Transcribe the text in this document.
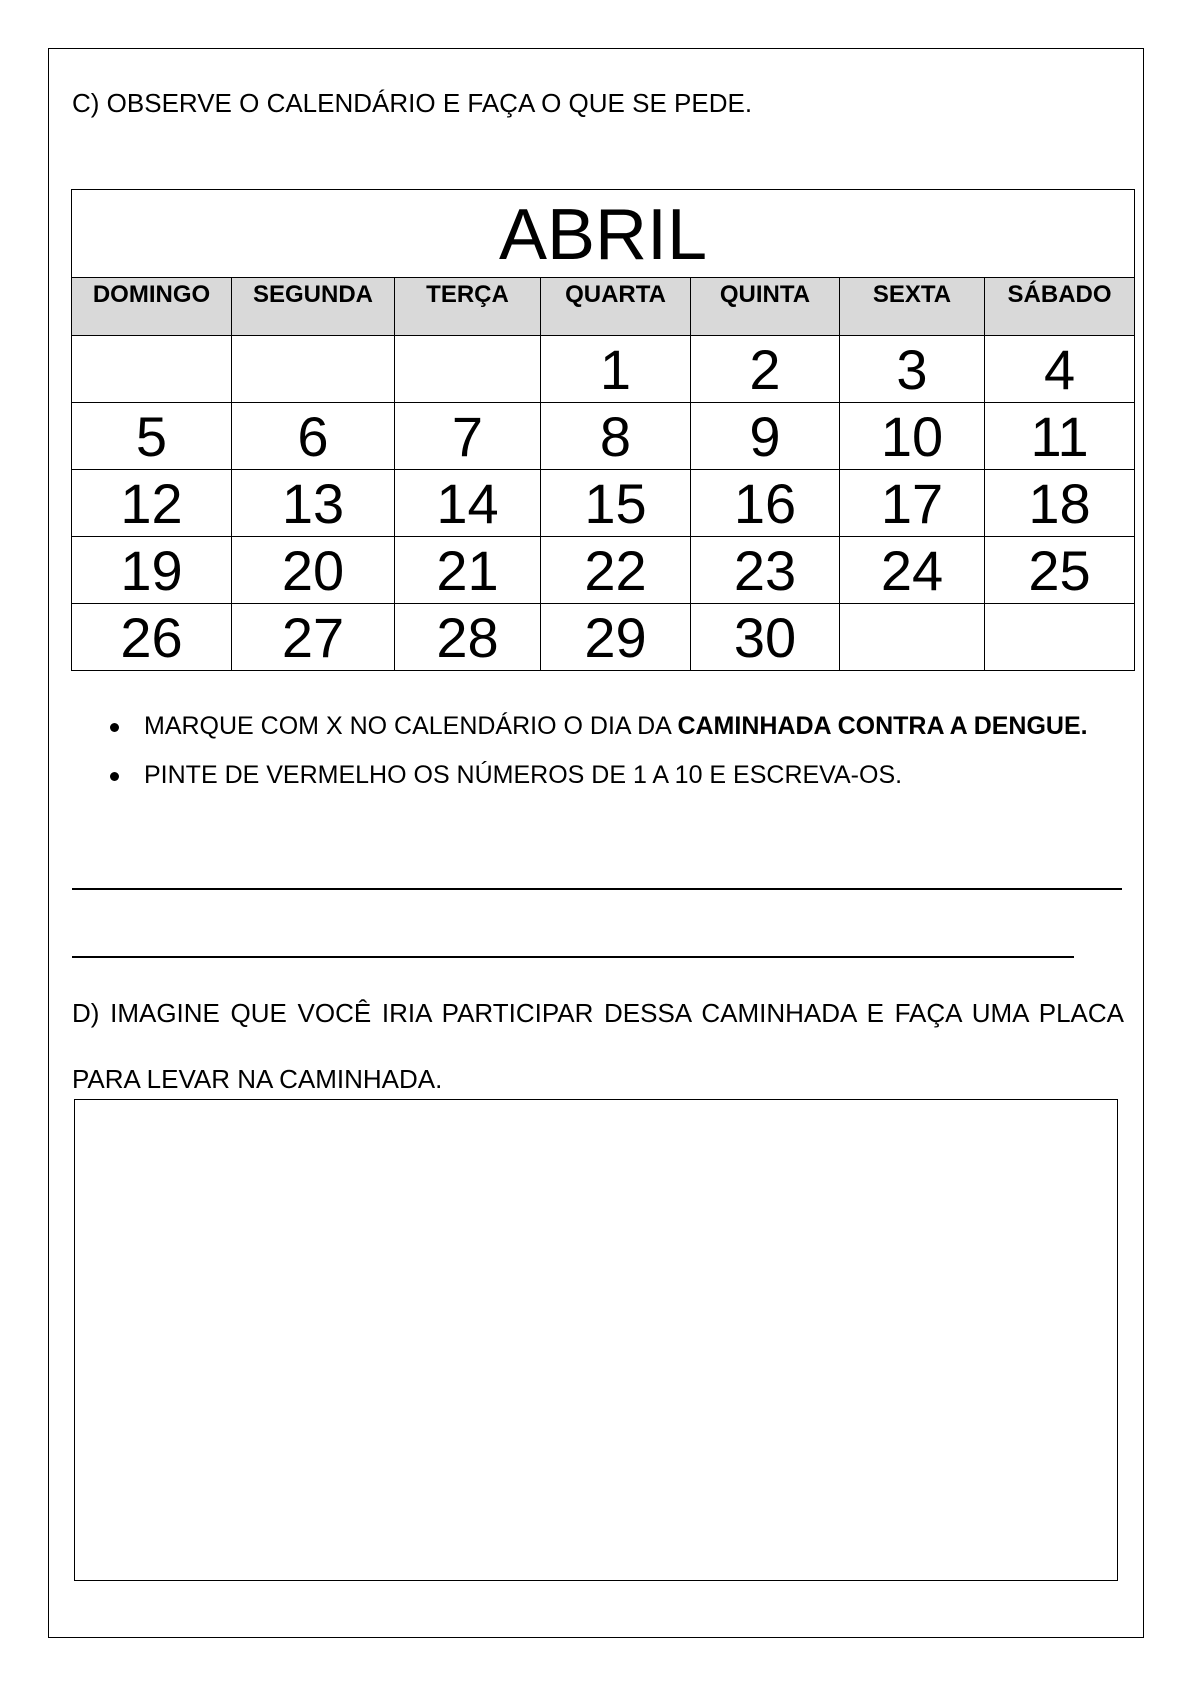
C) OBSERVE O CALENDÁRIO E FAÇA O QUE SE PEDE.
ABRIL						
DOMINGO	SEGUNDA	TERÇA	QUARTA	QUINTA	SEXTA	SÁBADO
			1	2	3	4
5	6	7	8	9	10	11
12	13	14	15	16	17	18
19	20	21	22	23	24	25
26	27	28	29	30		
MARQUE COM X NO CALENDÁRIO O DIA DA CAMINHADA CONTRA A DENGUE.
PINTE DE VERMELHO OS NÚMEROS DE 1 A 10 E ESCREVA-OS.
D) IMAGINE QUE VOCÊ IRIA PARTICIPAR DESSA CAMINHADA E FAÇA UMA PLACA PARA LEVAR NA CAMINHADA.
